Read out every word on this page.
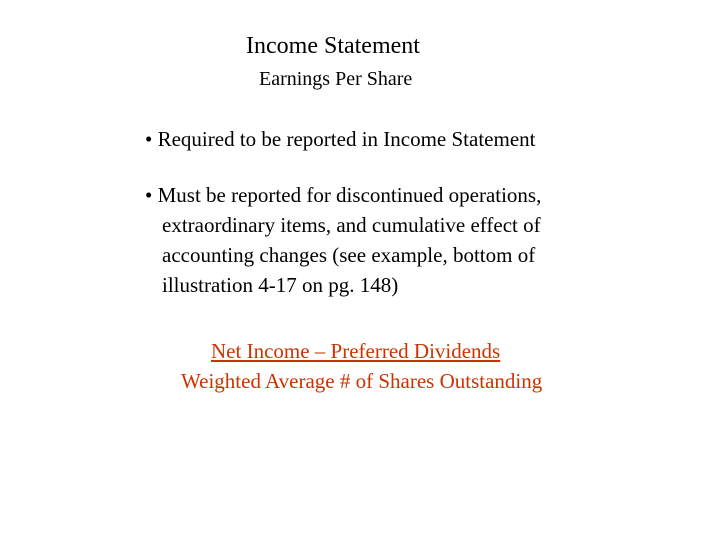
Income Statement
Earnings Per Share
• Required to be reported in Income Statement
• Must be reported for discontinued operations,
extraordinary items, and cumulative effect of
accounting changes (see example, bottom of
illustration 4-17 on pg. 148)
Net Income – Preferred Dividends
Weighted Average # of Shares Outstanding
